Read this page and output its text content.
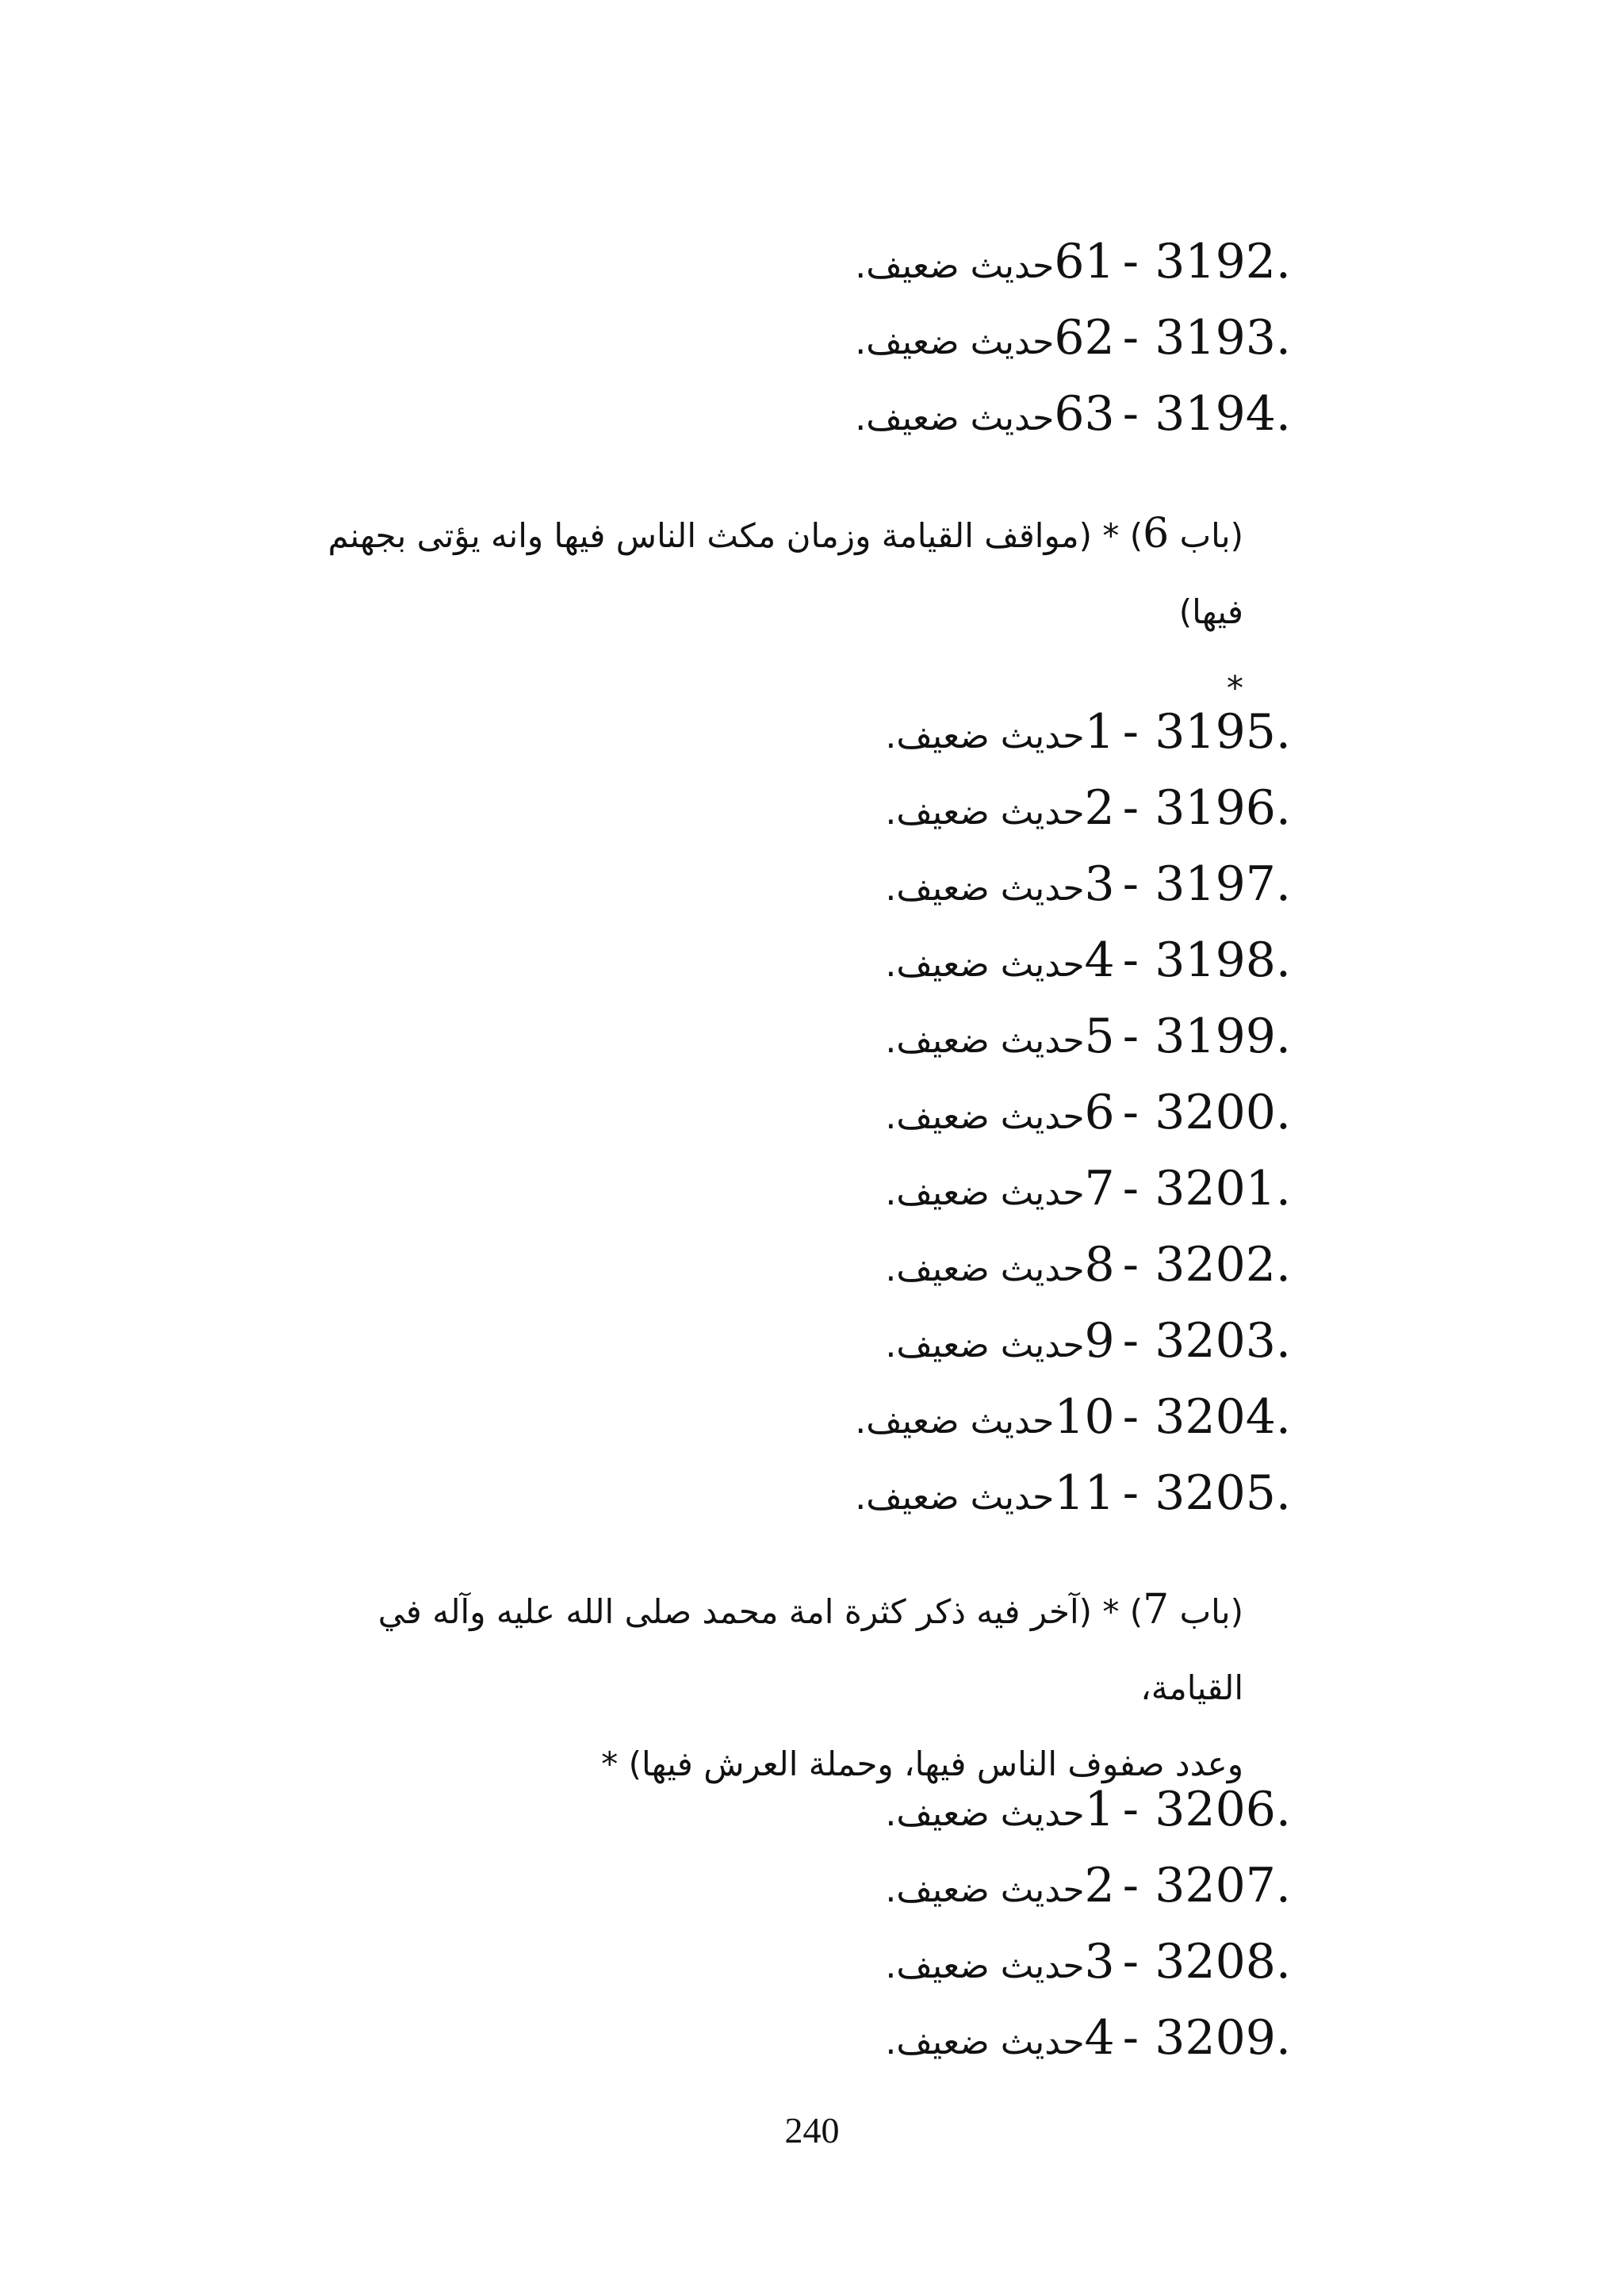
3192.
61 -
حديث ضعيف.
3193.
62 -
حديث ضعيف.
3194.
63 -
حديث ضعيف.
(باب 6) * (مواقف القيامة وزمان مكث الناس فيها وانه يؤتى بجهنم فيها)
*
3195.
1 -
حديث ضعيف.
3196.
2 -
حديث ضعيف.
3197.
3 -
حديث ضعيف.
3198.
4 -
حديث ضعيف.
3199.
5 -
حديث ضعيف.
3200.
6 -
حديث ضعيف.
3201.
7 -
حديث ضعيف.
3202.
8 -
حديث ضعيف.
3203.
9 -
حديث ضعيف.
3204.
10 -
حديث ضعيف.
3205.
11 -
حديث ضعيف.
(باب 7) * (آخر فيه ذكر كثرة امة محمد صلى الله عليه وآله في القيامة،
وعدد صفوف الناس فيها، وحملة العرش فيها) *
3206.
1 -
حديث ضعيف.
3207.
2 -
حديث ضعيف.
3208.
3 -
حديث ضعيف.
3209.
4 -
حديث ضعيف.
240
